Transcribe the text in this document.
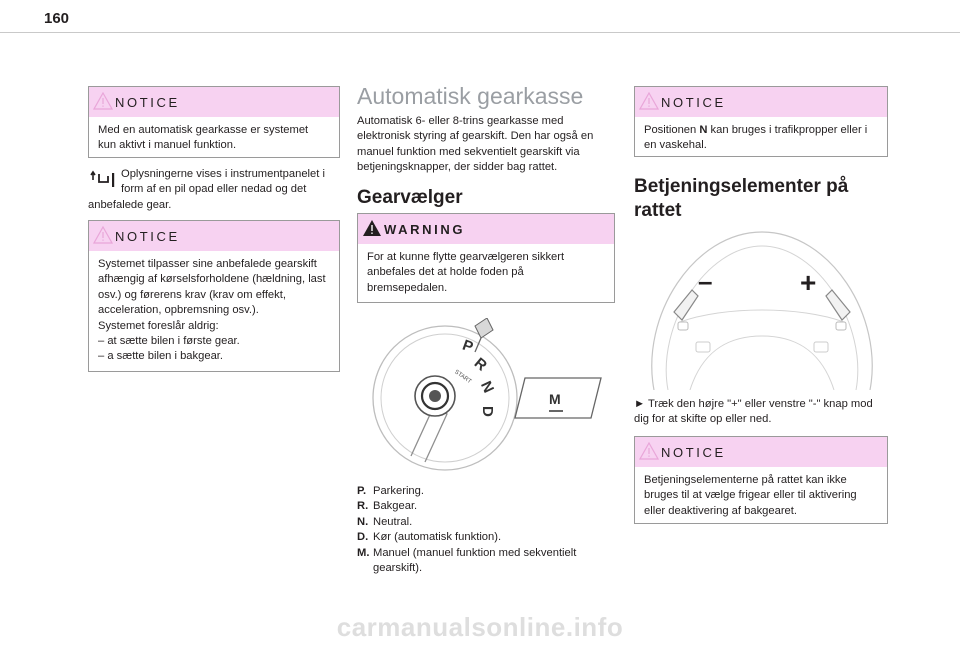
160
NOTICE
Med en automatisk gearkasse er systemet
kun aktivt i manuel funktion.
Oplysningerne vises i instrumentpanelet i
form af en pil opad eller nedad og det
anbefalede gear.
NOTICE
Systemet tilpasser sine anbefalede gearskift
afhængig af kørselsforholdene (hældning, last
osv.) og førerens krav (krav om effekt,
acceleration, opbremsning osv.).
Systemet foreslår aldrig:
– at sætte bilen i første gear.
– a sætte bilen i bakgear.
Automatisk gearkasse
Automatisk 6- eller 8-trins gearkasse med
elektronisk styring af gearskift. Den har også en
manuel funktion med sekventielt gearskift via
betjeningsknapper, der sidder bag rattet.
Gearvælger
WARNING
For at kunne flytte gearvælgeren sikkert
anbefales det at holde foden på
bremsepedalen.
P
R
N
D
START
M
P. Parkering.
R. Bakgear.
N. Neutral.
D. Kør (automatisk funktion).
M. Manuel (manuel funktion med sekventielt
gearskift).
NOTICE
Positionen N kan bruges i trafikpropper eller i
en vaskehal.
Betjeningselementer på
rattet
–	+
► Træk den højre "+" eller venstre "-" knap mod
dig for at skifte op eller ned.
NOTICE
Betjeningselementerne på rattet kan ikke
bruges til at vælge frigear eller til aktivering
eller deaktivering af bakgearet.
carmanualsonline.info
